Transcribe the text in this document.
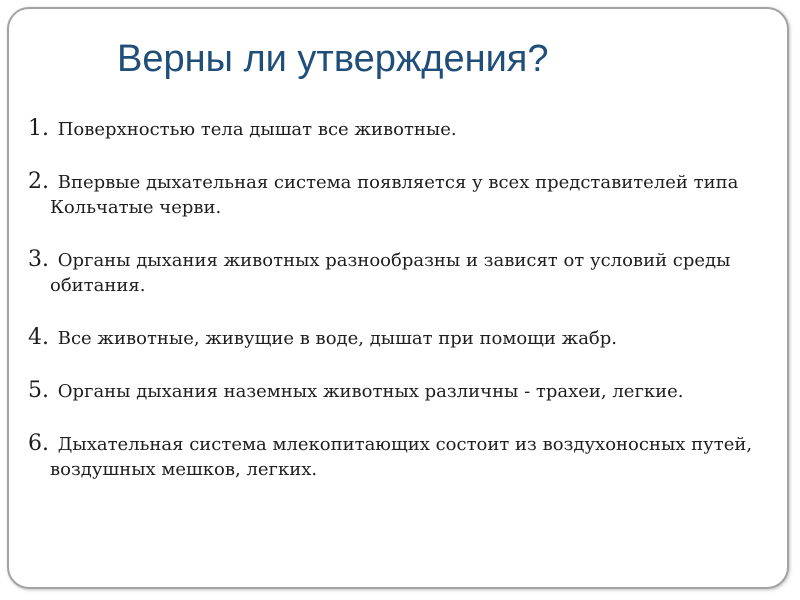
Верны ли утверждения?
1. Поверхностью тела дышат все животные.
2. Впервые дыхательная система появляется у всех представителей типа Кольчатые черви.
3. Органы дыхания животных разнообразны и зависят от условий среды обитания.
4. Все животные, живущие в воде, дышат при помощи жабр.
5. Органы дыхания наземных животных различны - трахеи, легкие.
6. Дыхательная система млекопитающих состоит из воздухоносных путей, воздушных мешков, легких.
